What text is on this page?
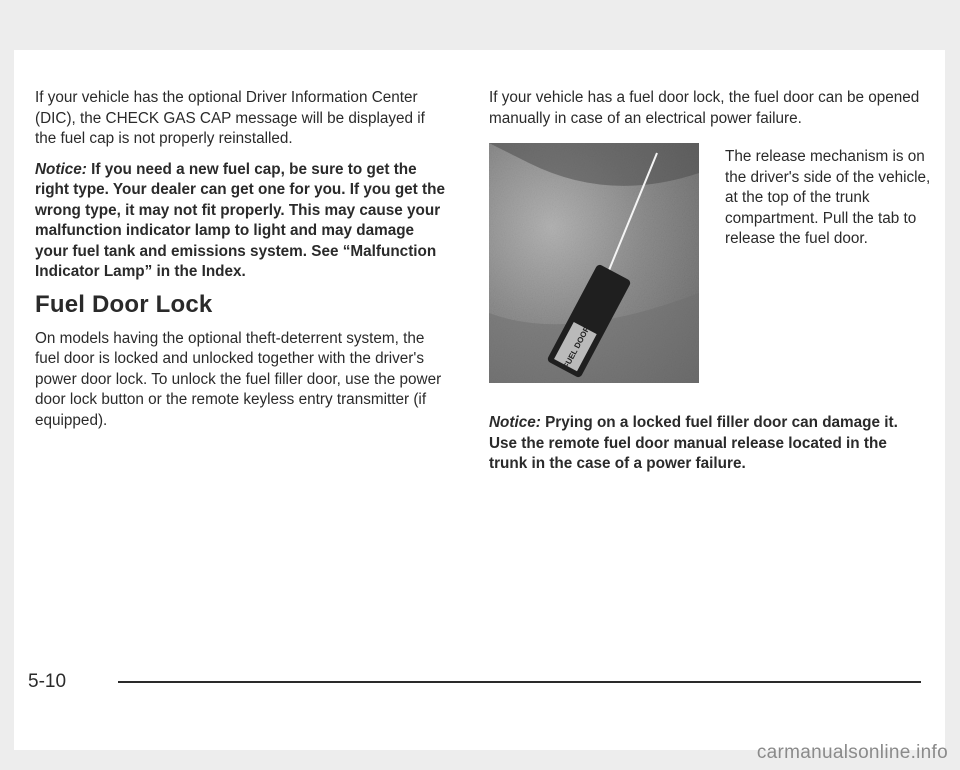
If your vehicle has the optional Driver Information Center (DIC), the CHECK GAS CAP message will be displayed if the fuel cap is not properly reinstalled.

Notice: If you need a new fuel cap, be sure to get the right type. Your dealer can get one for you. If you get the wrong type, it may not fit properly. This may cause your malfunction indicator lamp to light and may damage your fuel tank and emissions system. See “Malfunction Indicator Lamp” in the Index.

Fuel Door Lock

On models having the optional theft-deterrent system, the fuel door is locked and unlocked together with the driver's power door lock. To unlock the fuel filler door, use the power door lock button or the remote keyless entry transmitter (if equipped).

If your vehicle has a fuel door lock, the fuel door can be opened manually in case of an electrical power failure.

FUEL DOOR

The release mechanism is on the driver's side of the vehicle, at the top of the trunk compartment. Pull the tab to release the fuel door.

Notice: Prying on a locked fuel filler door can damage it. Use the remote fuel door manual release located in the trunk in the case of a power failure.

5-10
carmanualsonline.info
